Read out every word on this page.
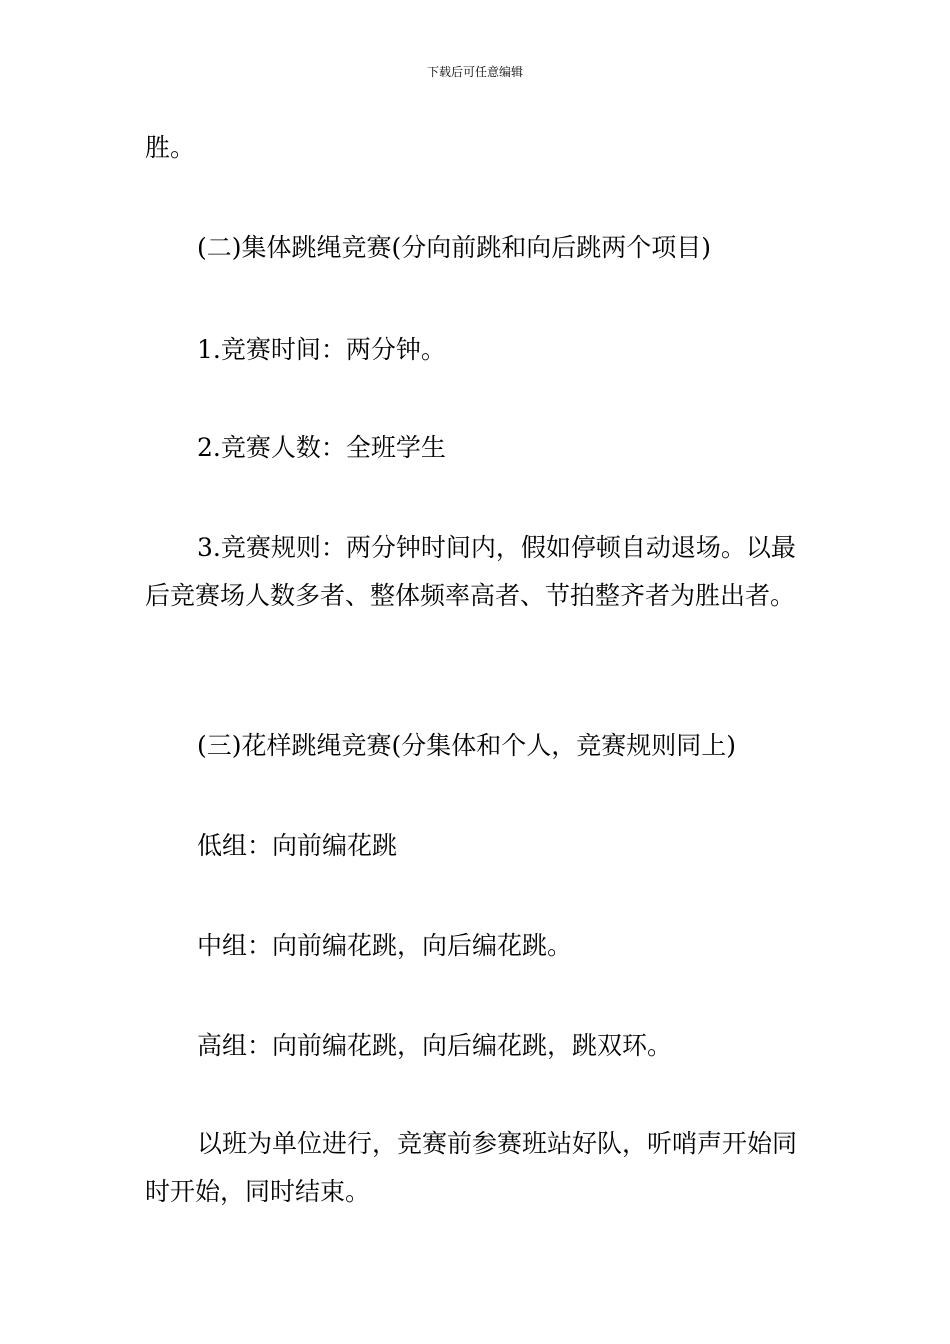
下载后可任意编辑
胜。
(二)集体跳绳竞赛(分向前跳和向后跳两个项目)
1.竞赛时间：两分钟。
2.竞赛人数：全班学生
3.竞赛规则：两分钟时间内，假如停顿自动退场。以最后竞赛场人数多者、整体频率高者、节拍整齐者为胜出者。
(三)花样跳绳竞赛(分集体和个人，竞赛规则同上)
低组：向前编花跳
中组：向前编花跳，向后编花跳。
高组：向前编花跳，向后编花跳，跳双环。
以班为单位进行，竞赛前参赛班站好队，听哨声开始同时开始，同时结束。
